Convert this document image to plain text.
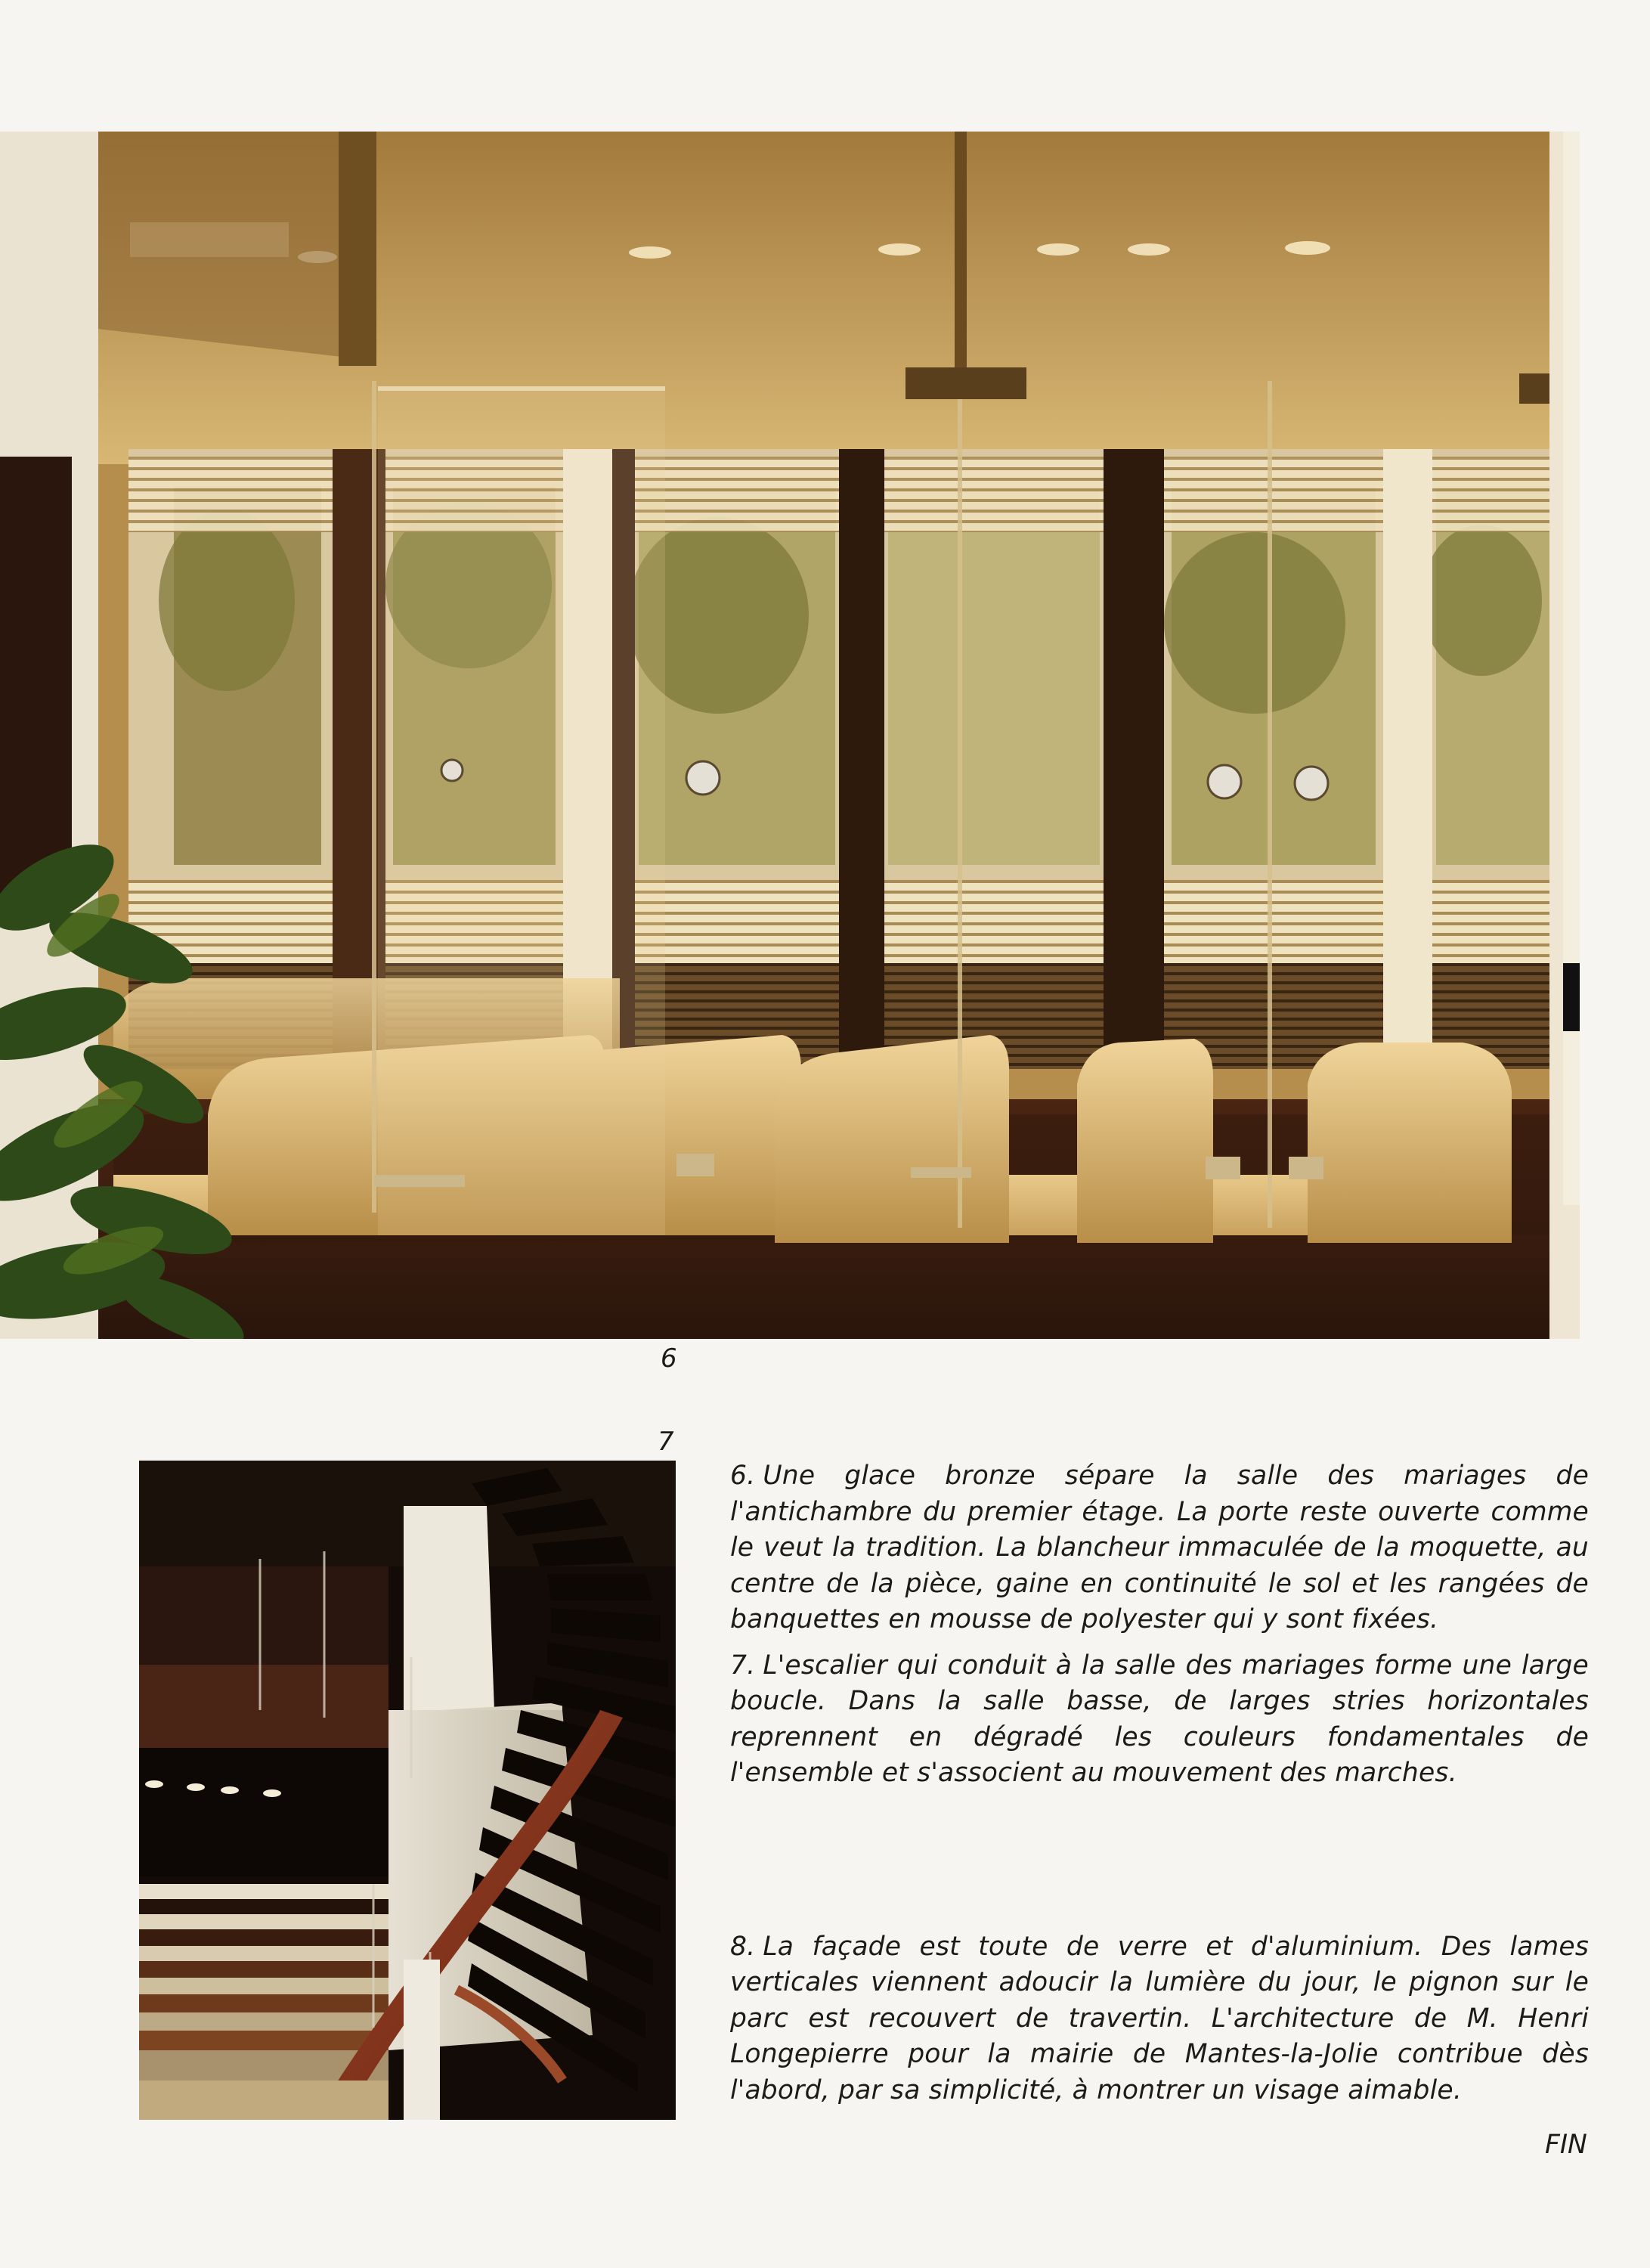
6
7

6. Une glace bronze sépare la salle des mariages de l'antichambre du premier étage. La porte reste ouverte comme le veut la tradition. La blancheur immaculée de la moquette, au centre de la pièce, gaine en continuité le sol et les rangées de banquettes en mousse de polyester qui y sont fixées.

7. L'escalier qui conduit à la salle des mariages forme une large boucle. Dans la salle basse, de larges stries horizontales reprennent en dégradé les couleurs fondamentales de l'ensemble et s'associent au mouvement des marches.

8. La façade est toute de verre et d'aluminium. Des lames verticales viennent adoucir la lumière du jour, le pignon sur le parc est recouvert de travertin. L'architecture de M. Henri Longepierre pour la mairie de Mantes-la-Jolie contribue dès l'abord, par sa simplicité, à montrer un visage aimable.

FIN
